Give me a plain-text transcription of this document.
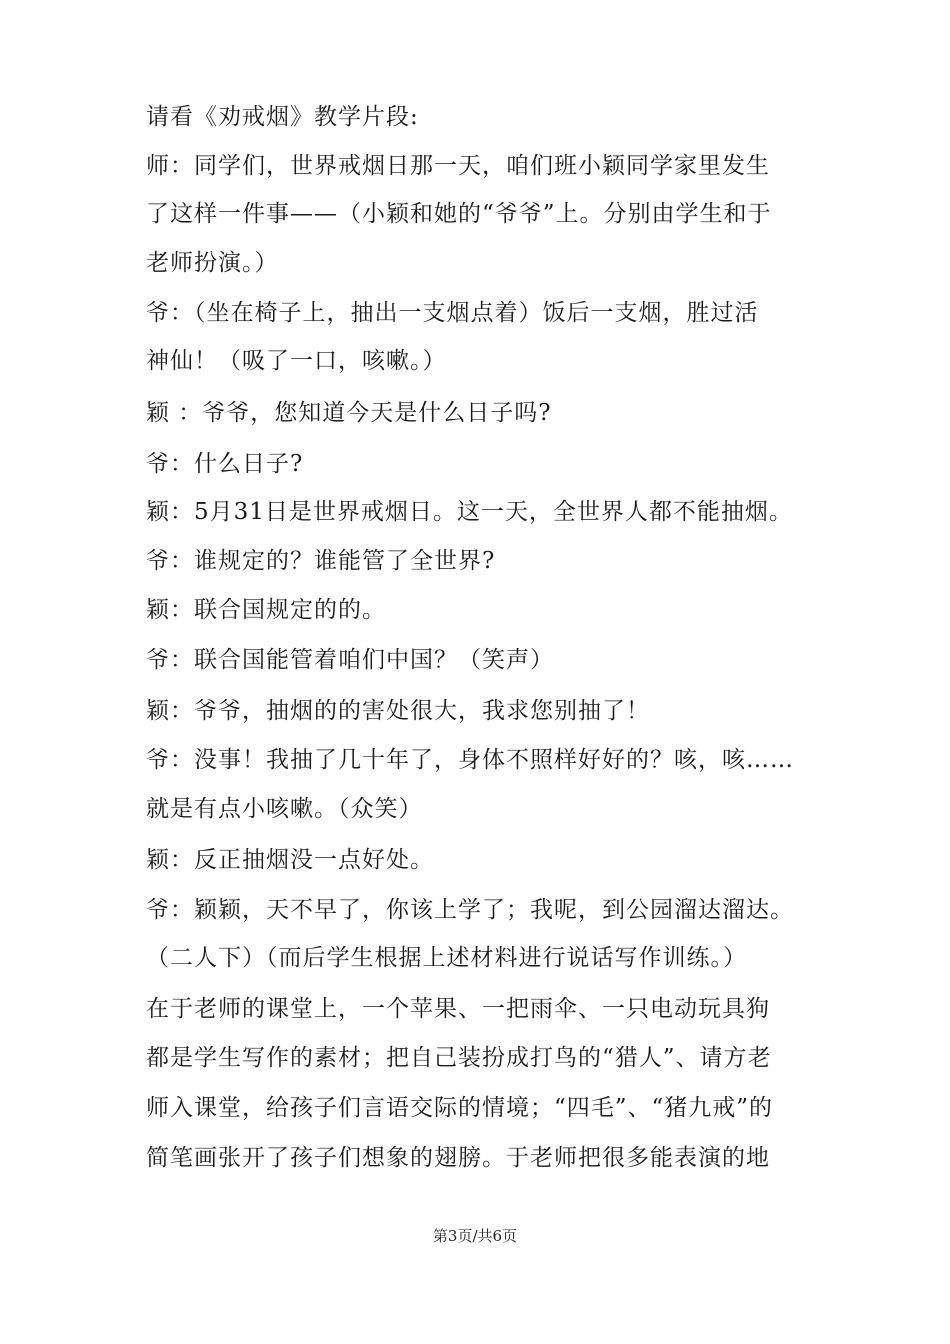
请看《劝戒烟》教学片段:
师：同学们，世界戒烟日那一天，咱们班小颖同学家里发生
了这样一件事——（小颖和她的“爷爷”上。分别由学生和于
老师扮演。）
爷：（坐在椅子上，抽出一支烟点着）饭后一支烟，胜过活
神仙！（吸了一口，咳嗽。）
颖 ：爷爷，您知道今天是什么日子吗?
爷：什么日子?
颖：5月31日是世界戒烟日。这一天，全世界人都不能抽烟。
爷：谁规定的？谁能管了全世界?
颖：联合国规定的的。
爷：联合国能管着咱们中国？（笑声）
颖：爷爷，抽烟的的害处很大，我求您别抽了！
爷：没事！我抽了几十年了，身体不照样好好的？咳，咳……
就是有点小咳嗽。（众笑）
颖：反正抽烟没一点好处。
爷：颖颖，天不早了，你该上学了；我呢，到公园溜达溜达。
（二人下）（而后学生根据上述材料进行说话写作训练。）
在于老师的课堂上，一个苹果、一把雨伞、一只电动玩具狗
都是学生写作的素材；把自己装扮成打鸟的“猎人”、请方老
师入课堂，给孩子们言语交际的情境；“四毛”、“猪九戒”的
简笔画张开了孩子们想象的翅膀。于老师把很多能表演的地
第3页/共6页
